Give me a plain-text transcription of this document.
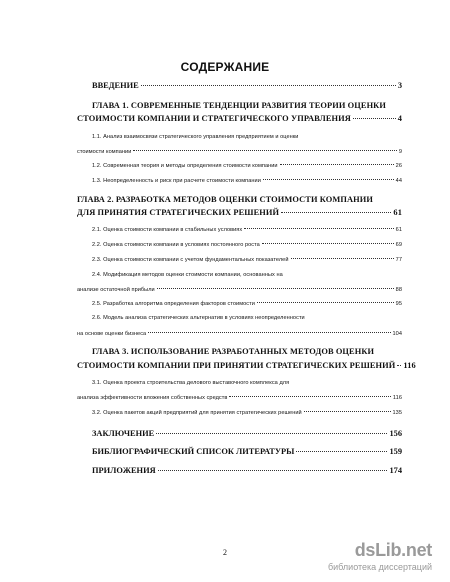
СОДЕРЖАНИЕ
ВВЕДЕНИЕ	3
ГЛАВА 1. СОВРЕМЕННЫЕ ТЕНДЕНЦИИ РАЗВИТИЯ ТЕОРИИ ОЦЕНКИ
СТОИМОСТИ КОМПАНИИ И СТРАТЕГИЧЕСКОГО УПРАВЛЕНИЯ	4
1.1. Анализ взаимосвязи стратегического управления предприятием и оценки
стоимости компании	9
1.2. Современная теория и методы определения стоимости компании	26
1.3. Неопределенность и риск при расчете стоимости компании	44
ГЛАВА 2. РАЗРАБОТКА МЕТОДОВ ОЦЕНКИ СТОИМОСТИ КОМПАНИИ
ДЛЯ ПРИНЯТИЯ СТРАТЕГИЧЕСКИХ РЕШЕНИЙ	61
2.1. Оценка стоимости компании в стабильных условиях	61
2.2. Оценка стоимости компании в условиях постоянного роста	69
2.3. Оценка стоимости компании с учетом фундаментальных показателей	77
2.4. Модификация методов оценки стоимости компании, основанных на
анализе остаточной прибыли	88
2.5. Разработка алгоритма определения факторов стоимости	95
2.6. Модель анализа стратегических альтернатив в условиях неопределенности
на основе оценки бизнеса	104
ГЛАВА 3. ИСПОЛЬЗОВАНИЕ РАЗРАБОТАННЫХ МЕТОДОВ ОЦЕНКИ
СТОИМОСТИ КОМПАНИИ ПРИ ПРИНЯТИИ СТРАТЕГИЧЕСКИХ РЕШЕНИЙ 116
3.1. Оценка проекта строительства делового выставочного комплекса для
анализа эффективности вложения собственных средств	116
3.2. Оценка пакетов акций предприятий для принятия стратегических решений	135
ЗАКЛЮЧЕНИЕ	156
БИБЛИОГРАФИЧЕСКИЙ СПИСОК ЛИТЕРАТУРЫ	159
ПРИЛОЖЕНИЯ	174
2	dsLib.net
библиотека диссертаций
